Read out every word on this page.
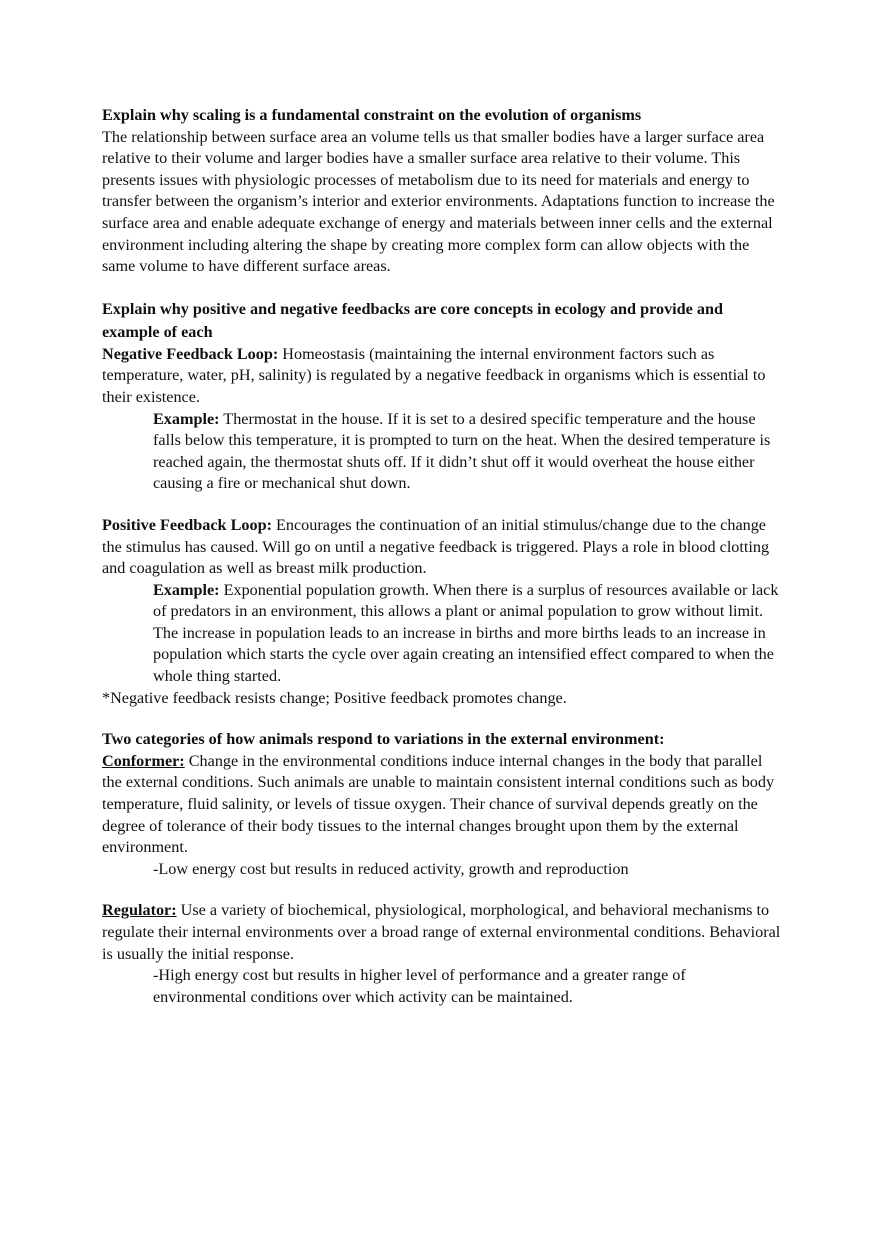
Explain why scaling is a fundamental constraint on the evolution of organisms

The relationship between surface area an volume tells us that smaller bodies have a larger surface area relative to their volume and larger bodies have a smaller surface area relative to their volume. This presents issues with physiologic processes of metabolism due to its need for materials and energy to transfer between the organism’s interior and exterior environments. Adaptations function to increase the surface area and enable adequate exchange of energy and materials between inner cells and the external environment including altering the shape by creating more complex form can allow objects with the same volume to have different surface areas.

Explain why positive and negative feedbacks are core concepts in ecology and provide and example of each

Negative Feedback Loop: Homeostasis (maintaining the internal environment factors such as temperature, water, pH, salinity) is regulated by a negative feedback in organisms which is essential to their existence.

Example: Thermostat in the house. If it is set to a desired specific temperature and the house falls below this temperature, it is prompted to turn on the heat. When the desired temperature is reached again, the thermostat shuts off. If it didn’t shut off it would overheat the house either causing a fire or mechanical shut down.

Positive Feedback Loop: Encourages the continuation of an initial stimulus/change due to the change the stimulus has caused. Will go on until a negative feedback is triggered. Plays a role in blood clotting and coagulation as well as breast milk production.

Example: Exponential population growth. When there is a surplus of resources available or lack of predators in an environment, this allows a plant or animal population to grow without limit. The increase in population leads to an increase in births and more births leads to an increase in population which starts the cycle over again creating an intensified effect compared to when the whole thing started.

*Negative feedback resists change; Positive feedback promotes change.

Two categories of how animals respond to variations in the external environment:

Conformer: Change in the environmental conditions induce internal changes in the body that parallel the external conditions. Such animals are unable to maintain consistent internal conditions such as body temperature, fluid salinity, or levels of tissue oxygen. Their chance of survival depends greatly on the degree of tolerance of their body tissues to the internal changes brought upon them by the external environment.

-Low energy cost but results in reduced activity, growth and reproduction

Regulator: Use a variety of biochemical, physiological, morphological, and behavioral mechanisms to regulate their internal environments over a broad range of external environmental conditions. Behavioral is usually the initial response.

-High energy cost but results in higher level of performance and a greater range of environmental conditions over which activity can be maintained.
